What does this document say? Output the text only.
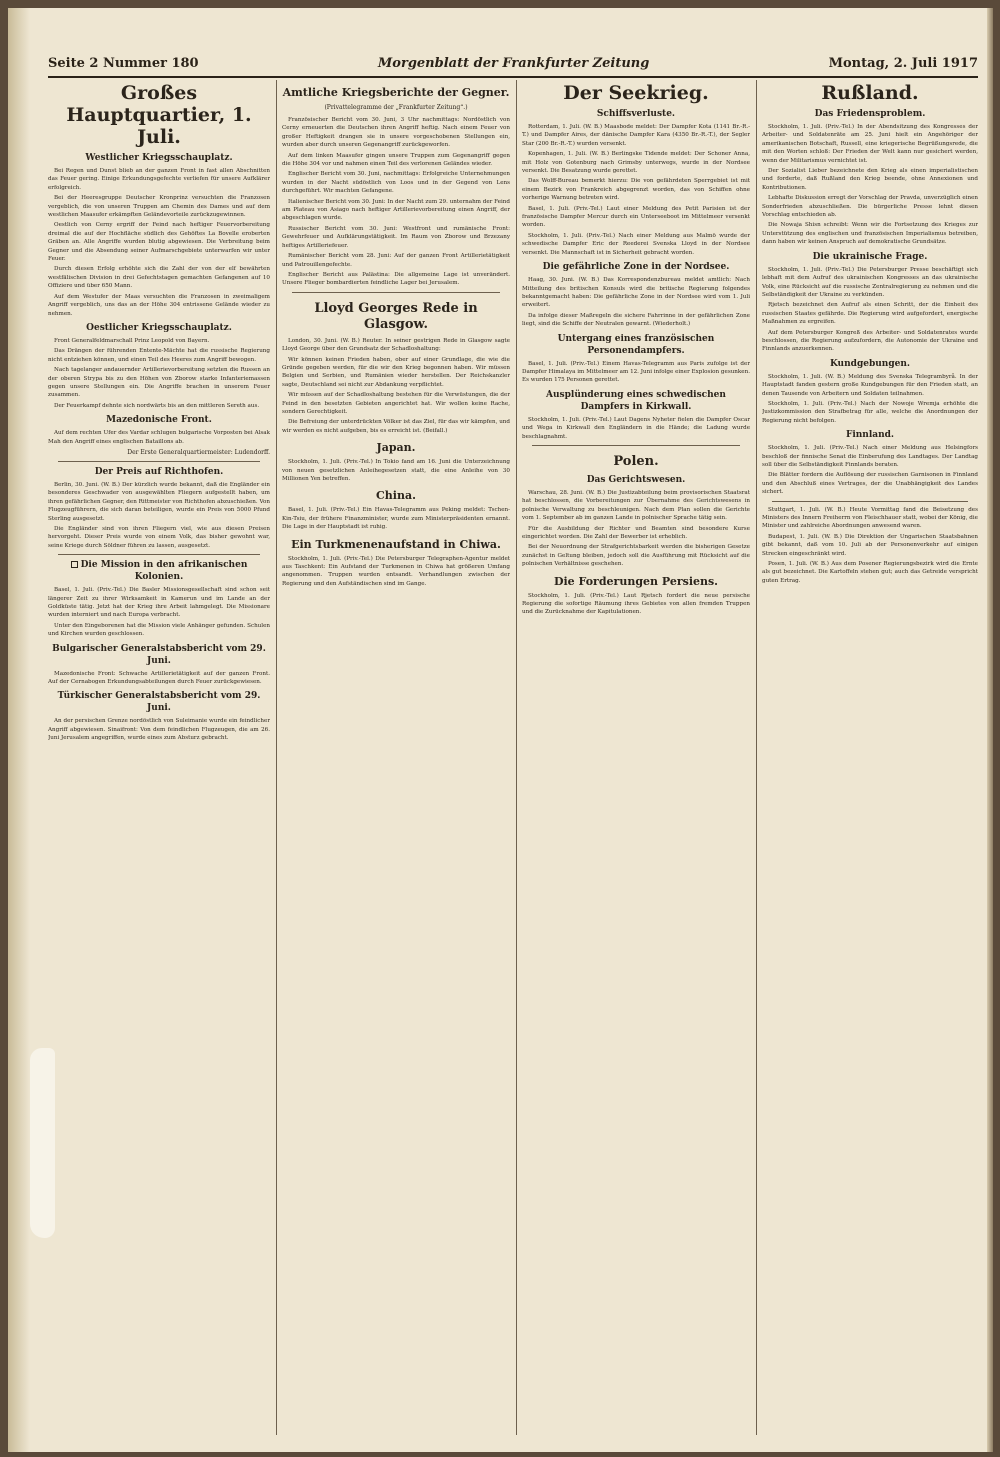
Seite 2 Nummer 180	Morgenblatt der Frankfurter Zeitung	Montag, 2. Juli 1917
Großes Hauptquartier, 1. Juli.
Westlicher Kriegsschauplatz.

Bei Regen und Dunst blieb an der ganzen Front in fast allen Abschnitten das Feuer gering. Einige Erkundungsgefechte verliefen für unsere Aufklärer erfolgreich.

Bei der Heeresgruppe Deutscher Kronprinz versuchten die Franzosen vergeblich, die von unseren Truppen am Chemin des Dames und auf dem westlichen Maasufer erkämpften Geländevorteile zurückzugewinnen.

Oestlich von Cerny ergriff der Feind nach heftiger Feuervorbereitung dreimal die auf der Hochfläche südlich des Gehöftes La Bovelle eroberten Gräben an. Alle Angriffe wurden blutig abgewiesen. Die Verbreitung beim Gegner und die Absendung seiner Aufmarschgebiete unterwarfen wir unter Feuer.

Durch diesen Erfolg erhöhte sich die Zahl der von der elf bewährten westfälischen Division in drei Gefechtstagen gemachten Gefangenen auf 10 Offiziere und über 650 Mann.

Auf dem Westufer der Maas versuchten die Franzosen in zweimaligem Angriff vergeblich, uns das an der Höhe 304 entrissene Gelände wieder zu nehmen.

Oestlicher Kriegsschauplatz.

Front Generalfeldmarschall Prinz Leopold von Bayern.

Das Drängen der führenden Entente-Mächte hat die russische Regierung nicht entziehen können, und einen Teil des Heeres zum Angriff bewogen.

Nach tagelanger andauernder Artillerievorbereitung setzten die Russen an der oberen Strypa bis zu den Höhen von Zborow starke Infanteriemassen gegen unsere Stellungen ein. Die Angriffe brachen in unserem Feuer zusammen.

Der Feuerkampf dehnte sich nordwärts bis an den mittleren Sereth aus.

Mazedonische Front.

Auf dem rechten Ufer des Vardar schlugen bulgarische Vorposten bei Alsak Mah den Angriff eines englischen Bataillons ab.

Der Erste Generalquartiermeister: Ludendorff.
Der Preis auf Richthofen.

Berlin, 30. Juni. (W. B.) Der kürzlich wurde bekannt, daß die Engländer ein besonderes Geschwader von ausgewählten Fliegern aufgestellt haben, um ihren gefährlichen Gegner, den Rittmeister von Richthofen abzuschießen. Von Flugzeugführern, die sich daran beteiligen, wurde ein Preis von 5000 Pfund Sterling ausgesetzt.

Die Engländer sind von ihren Fliegern viel, wie aus diesen Preisen hervorgeht. Dieser Preis wurde von einem Volk, das bisher gewohnt war, seine Kriege durch Söldner führen zu lassen, ausgesetzt.

Die Mission in den afrikanischen Kolonien.

Basel, 1. Juli. (Priv.-Tel.) Die Basler Missionsgesellschaft sind schon seit längerer Zeit zu ihrer Wirksamkeit in Kamerun und im Lande an der Goldküste tätig. Jetzt hat der Krieg ihre Arbeit lahmgelegt. Die Missionare wurden interniert und nach Europa verbracht.

Unter den Eingeborenen hat die Mission viele Anhänger gefunden. Schulen und Kirchen wurden geschlossen.

Bulgarischer Generalstabsbericht vom 29. Juni.

Mazedonische Front: Schwache Artillerietätigkeit auf der ganzen Front. Auf der Cernabogen Erkundungsabteilungen durch Feuer zurückgewiesen.

Türkischer Generalstabsbericht vom 29. Juni.

An der persischen Grenze nordöstlich von Suleimanie wurde ein feindlicher Angriff abgewiesen. Sinaifront: Von dem feindlichen Flugzeugen, die am 26. Juni Jerusalem angegriffen, wurde eines zum Absturz gebracht.

Amtliche Kriegsberichte der Gegner.
(Privattelegramme der „Frankfurter Zeitung“.)

Französischer Bericht vom 30. Juni, 3 Uhr nachmittags: Nordöstlich von Cerny erneuerten die Deutschen ihren Angriff heftig. Nach einem Feuer von großer Heftigkeit drangen sie in unsere vorgeschobenen Stellungen ein, wurden aber durch unseren Gegenangriff zurückgeworfen.

Auf dem linken Maasufer gingen unsere Truppen zum Gegenangriff gegen die Höhe 304 vor und nahmen einen Teil des verlorenen Geländes wieder.

Englischer Bericht vom 30. Juni, nachmittags: Erfolgreiche Unternehmungen wurden in der Nacht südöstlich von Loos und in der Gegend von Lens durchgeführt. Wir machten Gefangene.

Italienischer Bericht vom 30. Juni: In der Nacht zum 29. unternahm der Feind am Plateau von Asiago nach heftiger Artillerievorbereitung einen Angriff, der abgeschlagen wurde.

Russischer Bericht vom 30. Juni: Westfront und rumänische Front: Gewehrfeuer und Aufklärungstätigkeit. Im Raum von Zborow und Brzezany heftiges Artilleriefeuer.

Rumänischer Bericht vom 28. Juni: Auf der ganzen Front Artillerietätigkeit und Patrouillengefechte.

Englischer Bericht aus Palästina: Die allgemeine Lage ist unverändert. Unsere Flieger bombardierten feindliche Lager bei Jerusalem.

Lloyd Georges Rede in Glasgow.

London, 30. Juni. (W. B.) Reuter. In seiner gestrigen Rede in Glasgow sagte Lloyd George über den Grundsatz der Schadloshaltung:

Wir können keinen Frieden haben, ober auf einer Grundlage, die wie die Gründe gegeben werden, für die wir den Krieg begonnen haben. Wir müssen Belgien und Serbien, und Rumänien wieder herstellen. Der Reichskanzler sagte, Deutschland sei nicht zur Abdankung verpflichtet.

Wir müssen auf der Schadloshaltung bestehen für die Verwüstungen, die der Feind in den besetzten Gebieten angerichtet hat. Wir wollen keine Rache, sondern Gerechtigkeit.

Die Befreiung der unterdrückten Völker ist das Ziel, für das wir kämpfen, und wir werden es nicht aufgeben, bis es erreicht ist. (Beifall.)

Japan.

Stockholm, 1. Juli. (Priv.-Tel.) In Tokio fand am 16. Juni die Unterzeichnung von neuen gesetzlichen Anleihegesetzen statt, die eine Anleihe von 30 Millionen Yen betreffen.

China.

Basel, 1. Juli. (Priv.-Tel.) Ein Havas-Telegramm aus Peking meldet: Tschen-Kin-Tsiu, der frühere Finanzminister, wurde zum Ministerpräsidenten ernannt. Die Lage in der Hauptstadt ist ruhig.

Ein Turkmenenaufstand in Chiwa.

Stockholm, 1. Juli. (Priv.-Tel.) Die Petersburger Telegraphen-Agentur meldet aus Taschkent: Ein Aufstand der Turkmenen in Chiwa hat größeren Umfang angenommen. Truppen wurden entsandt. Verhandlungen zwischen der Regierung und den Aufständischen sind im Gange.

Der Seekrieg.
Schiffsverluste.

Rotterdam, 1. Juli. (W. B.) Maasbode meldet: Der Dampfer Kota (1141 Br.-R.-T.) und Dampfer Aires, der dänische Dampfer Kara (4350 Br.-R.-T.), der Segler Star (200 Br.-R.-T.) wurden versenkt.

Kopenhagen, 1. Juli. (W. B.) Berlingske Tidende meldet: Der Schoner Anna, mit Holz von Gotenburg nach Grimsby unterwegs, wurde in der Nordsee versenkt. Die Besatzung wurde gerettet.

Das Wolff-Bureau bemerkt hierzu: Die von gefährdeten Sperrgebiet ist mit einem Bezirk von Frankreich abgegrenzt worden, das von Schiffen ohne vorherige Warnung betreten wird.

Basel, 1. Juli. (Priv.-Tel.) Laut einer Meldung des Petit Parisien ist der französische Dampfer Mercur durch ein Unterseeboot im Mittelmeer versenkt worden.

Stockholm, 1. Juli. (Priv.-Tel.) Nach einer Meldung aus Malmö wurde der schwedische Dampfer Eric der Reederei Svenska Lloyd in der Nordsee versenkt. Die Mannschaft ist in Sicherheit gebracht worden.

Die gefährliche Zone in der Nordsee.

Haag, 30. Juni. (W. B.) Das Korrespondenzbureau meldet amtlich: Nach Mitteilung des britischen Konsuls wird die britische Regierung folgendes bekanntgemacht haben: Die gefährliche Zone in der Nordsee wird vom 1. Juli erweitert.

Da infolge dieser Maßregeln die sichere Fahrrinne in der gefährlichen Zone liegt, sind die Schiffe der Neutralen gewarnt. (Wiederholt.)

Untergang eines französischen Personendampfers.

Basel, 1. Juli. (Priv.-Tel.) Einem Havas-Telegramm aus Paris zufolge ist der Dampfer Himalaya im Mittelmeer am 12. Juni infolge einer Explosion gesunken. Es wurden 175 Personen gerettet.

Ausplünderung eines schwedischen Dampfers in Kirkwall.

Stockholm, 1. Juli. (Priv.-Tel.) Laut Dagens Nyheter fielen die Dampfer Oscar und Wega in Kirkwall den Engländern in die Hände; die Ladung wurde beschlagnahmt.

Polen.
Das Gerichtswesen.

Warschau, 28. Juni. (W. B.) Die Justizabteilung beim provisorischen Staatsrat hat beschlossen, die Vorbereitungen zur Übernahme des Gerichtswesens in polnische Verwaltung zu beschleunigen. Nach dem Plan sollen die Gerichte vom 1. September ab im ganzen Lande in polnischer Sprache tätig sein.

Für die Ausbildung der Richter und Beamten sind besondere Kurse eingerichtet worden. Die Zahl der Bewerber ist erheblich.

Bei der Neuordnung der Strafgerichtsbarkeit werden die bisherigen Gesetze zunächst in Geltung bleiben, jedoch soll die Ausführung mit Rücksicht auf die polnischen Verhältnisse geschehen.

Die Forderungen Persiens.

Stockholm, 1. Juli. (Priv.-Tel.) Laut Rjetsch fordert die neue persische Regierung die sofortige Räumung ihres Gebietes von allen fremden Truppen und die Zurücknahme der Kapitulationen.

Rußland.
Das Friedensproblem.

Stockholm, 1. Juli. (Priv.-Tel.) In der Abendsitzung des Kongresses der Arbeiter- und Soldatenräte am 25. Juni hielt ein Angehöriger der amerikanischen Botschaft, Russell, eine kriegerische Begrüßungsrede, die mit den Worten schloß: Der Frieden der Welt kann nur gesichert werden, wenn der Militarismus vernichtet ist.

Der Sozialist Lieber bezeichnete den Krieg als einen imperialistischen und forderte, daß Rußland den Krieg beende, ohne Annexionen und Kontributionen.

Lebhafte Diskussion erregt der Vorschlag der Pravda, unverzüglich einen Sonderfrieden abzuschließen. Die bürgerliche Presse lehnt diesen Vorschlag entschieden ab.

Die Nowaja Shisn schreibt: Wenn wir die Fortsetzung des Krieges zur Unterstützung des englischen und französischen Imperialismus betreiben, dann haben wir keinen Anspruch auf demokratische Grundsätze.

Die ukrainische Frage.

Stockholm, 1. Juli. (Priv.-Tel.) Die Petersburger Presse beschäftigt sich lebhaft mit dem Aufruf des ukrainischen Kongresses an das ukrainische Volk, eine Rücksicht auf die russische Zentralregierung zu nehmen und die Selbständigkeit der Ukraine zu verkünden.

Rjetsch bezeichnet den Aufruf als einen Schritt, der die Einheit des russischen Staates gefährde. Die Regierung wird aufgefordert, energische Maßnahmen zu ergreifen.

Auf dem Petersburger Kongreß des Arbeiter- und Soldatenrates wurde beschlossen, die Regierung aufzufordern, die Autonomie der Ukraine und Finnlands anzuerkennen.

Kundgebungen.

Stockholm, 1. Juli. (W. B.) Meldung des Svenska Telegrambyrå. In der Hauptstadt fanden gestern große Kundgebungen für den Frieden statt, an denen Tausende von Arbeitern und Soldaten teilnahmen.

Stockholm, 1. Juli. (Priv.-Tel.) Nach der Nowoje Wremja erhöhte die Justizkommission den Strafbetrag für alle, welche die Anordnungen der Regierung nicht befolgen.

Finnland.

Stockholm, 1. Juli. (Priv.-Tel.) Nach einer Meldung aus Helsingfors beschloß der finnische Senat die Einberufung des Landtages. Der Landtag soll über die Selbständigkeit Finnlands beraten.

Die Blätter fordern die Auflösung der russischen Garnisonen in Finnland und den Abschluß eines Vertrages, der die Unabhängigkeit des Landes sichert.

Stuttgart, 1. Juli. (W. B.) Heute Vormittag fand die Beisetzung des Ministers des Innern Freiherrn von Fleischhauer statt, wobei der König, die Minister und zahlreiche Abordnungen anwesend waren.

Budapest, 1. Juli. (W. B.) Die Direktion der Ungarischen Staatsbahnen gibt bekannt, daß vom 10. Juli ab der Personenverkehr auf einigen Strecken eingeschränkt wird.

Posen, 1. Juli. (W. B.) Aus dem Posener Regierungsbezirk wird die Ernte als gut bezeichnet. Die Kartoffeln stehen gut; auch das Getreide verspricht guten Ertrag.
